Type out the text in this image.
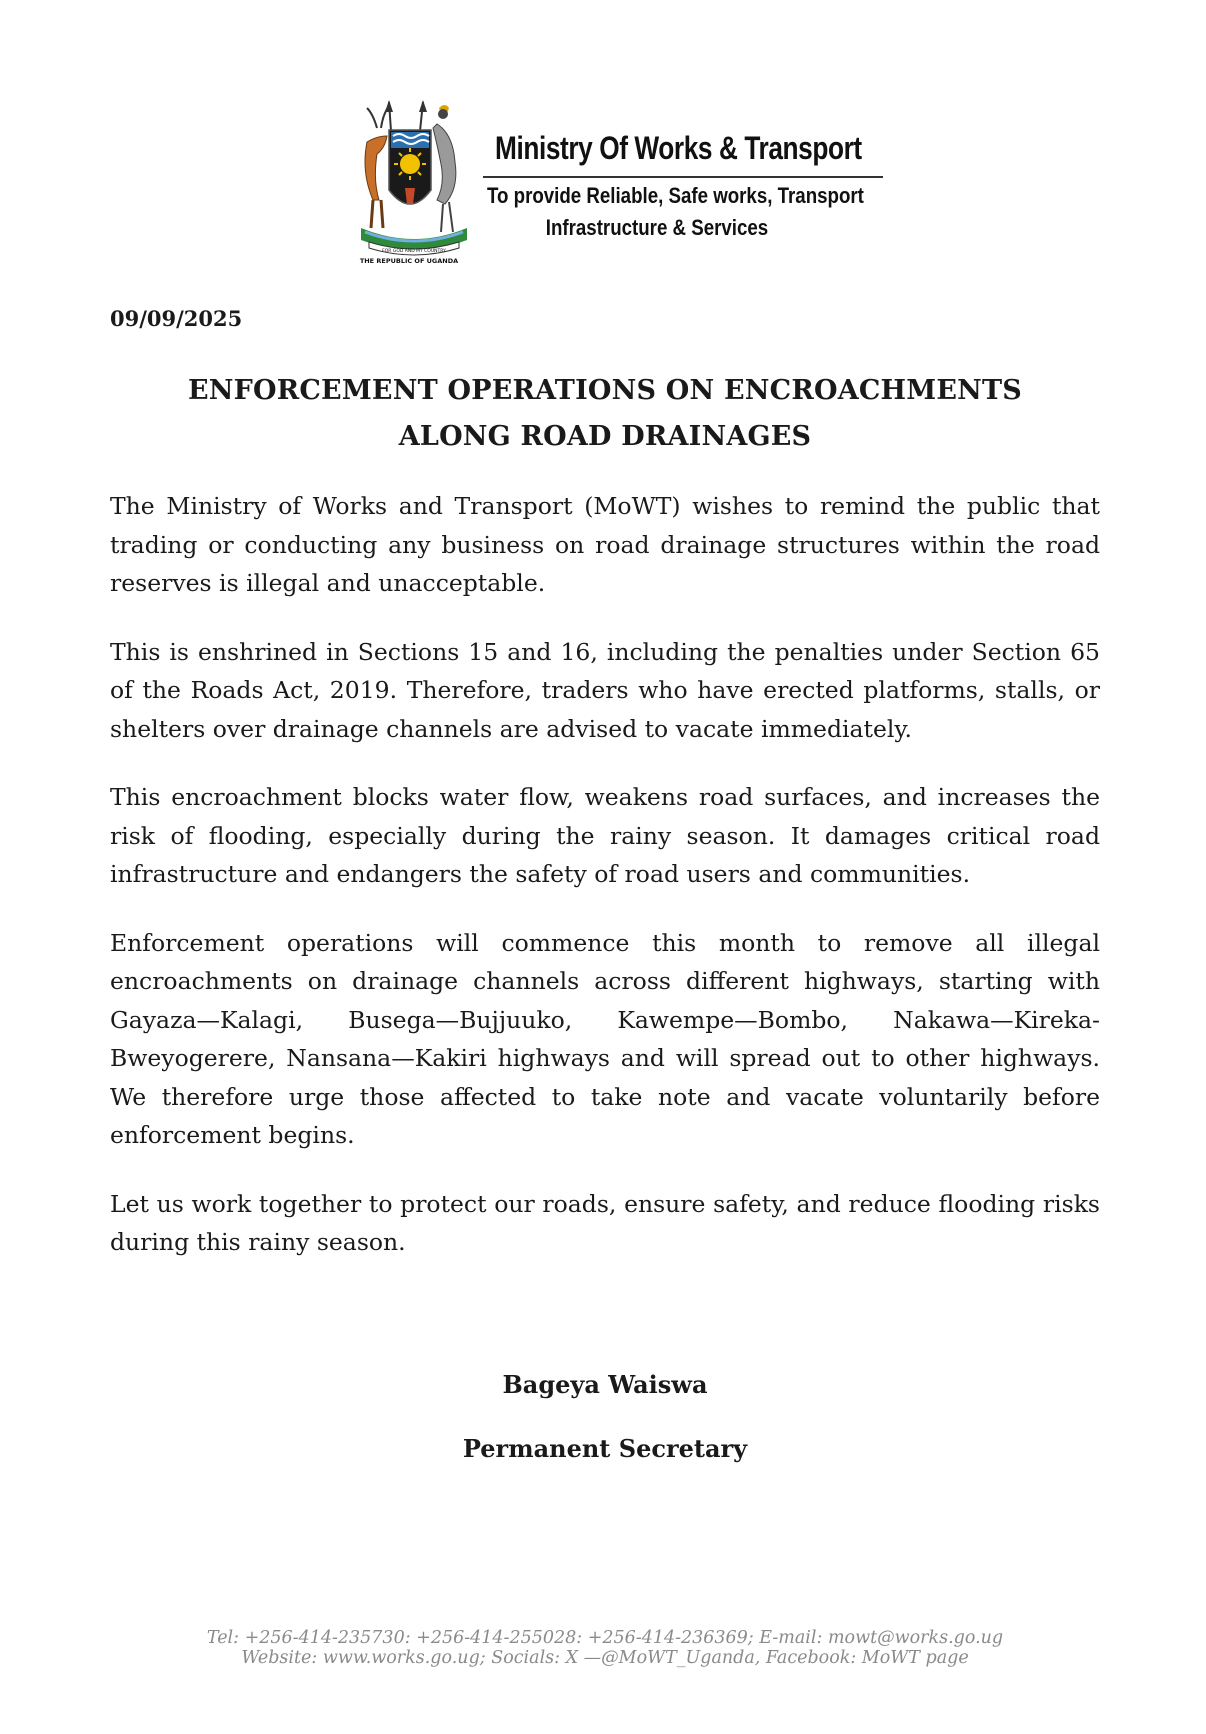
FOR GOD AND MY COUNTRY
THE REPUBLIC OF UGANDA
Ministry Of Works & Transport
To provide Reliable, Safe works, Transport
Infrastructure & Services
09/09/2025
ENFORCEMENT OPERATIONS ON ENCROACHMENTS
ALONG ROAD DRAINAGES

The Ministry of Works and Transport (MoWT) wishes to remind the public that trading or conducting any business on road drainage structures within the road reserves is illegal and unacceptable.

This is enshrined in Sections 15 and 16, including the penalties under Section 65 of the Roads Act, 2019. Therefore, traders who have erected platforms, stalls, or shelters over drainage channels are advised to vacate immediately.

This encroachment blocks water flow, weakens road surfaces, and increases the risk of flooding, especially during the rainy season. It damages critical road infrastructure and endangers the safety of road users and communities.

Enforcement operations will commence this month to remove all illegal encroachments on drainage channels across different highways, starting with Gayaza—Kalagi, Busega—Bujjuuko, Kawempe—Bombo, Nakawa—Kireka-Bweyogerere, Nansana—Kakiri highways and will spread out to other highways. We therefore urge those affected to take note and vacate voluntarily before enforcement begins.

Let us work together to protect our roads, ensure safety, and reduce flooding risks during this rainy season.

Bageya Waiswa
Permanent Secretary
Tel: +256-414-235730: +256-414-255028: +256-414-236369; E-mail: mowt@works.go.ug
Website: www.works.go.ug; Socials: X —@MoWT_Uganda, Facebook: MoWT page
